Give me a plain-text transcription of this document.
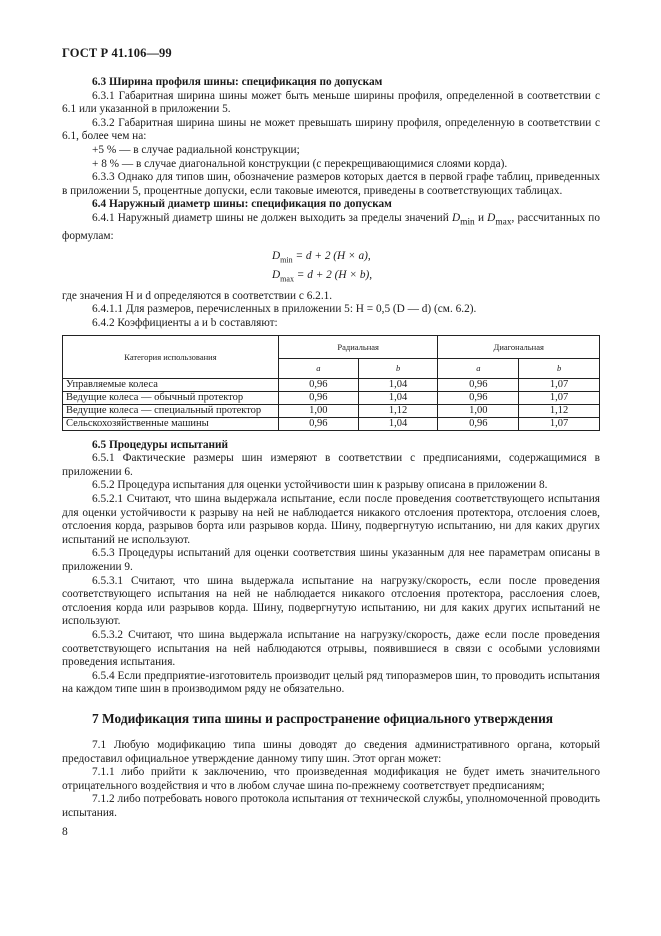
ГОСТ Р 41.106—99

6.3 Ширина профиля шины: спецификация по допускам

6.3.1 Габаритная ширина шины может быть меньше ширины профиля, определенной в соответствии с 6.1 или указанной в приложении 5.

6.3.2 Габаритная ширина шины не может превышать ширину профиля, определенную в соответствии с 6.1, более чем на:

+5 % — в случае радиальной конструкции;

+ 8 % — в случае диагональной конструкции (с перекрещивающимися слоями корда).

6.3.3 Однако для типов шин, обозначение размеров которых дается в первой графе таблиц, приведенных в приложении 5, процентные допуски, если таковые имеются, приведены в соответствующих таблицах.

6.4 Наружный диаметр шины: спецификация по допускам

6.4.1 Наружный диаметр шины не должен выходить за пределы значений $D_{min}$ и $D_{max}$, рассчитанных по формулам:

$D_{min} = d + 2$ (H × a),
$D_{max} = d + 2$ (H × b),

где значения H и d определяются в соответствии с 6.2.1.

6.4.1.1 Для размеров, перечисленных в приложении 5: H = 0,5 (D — d) (см. 6.2).

6.4.2 Коэффициенты a и b составляют:

Категория использования	Радиальная		Диагональная	
	a	b	a	b
Управляемые колеса	0,96	1,04	0,96	1,07
Ведущие колеса — обычный протектор	0,96	1,04	0,96	1,07
Ведущие колеса — специальный протектор	1,00	1,12	1,00	1,12
Сельскохозяйственные машины	0,96	1,04	0,96	1,07

6.5 Процедуры испытаний

6.5.1 Фактические размеры шин измеряют в соответствии с предписаниями, содержащимися в приложении 6.

6.5.2 Процедура испытания для оценки устойчивости шин к разрыву описана в приложении 8.

6.5.2.1 Считают, что шина выдержала испытание, если после проведения соответствующего испытания для оценки устойчивости к разрыву на ней не наблюдается никакого отслоения протектора, отслоения слоев, отслоения корда, разрывов борта или разрывов корда. Шину, подвергнутую испытанию, ни для каких других испытаний не используют.

6.5.3 Процедуры испытаний для оценки соответствия шины указанным для нее параметрам описаны в приложении 9.

6.5.3.1 Считают, что шина выдержала испытание на нагрузку/скорость, если после проведения соответствующего испытания на ней не наблюдается никакого отслоения протектора, расслоения слоев, отслоения корда или разрывов корда. Шину, подвергнутую испытанию, ни для каких других испытаний не используют.

6.5.3.2 Считают, что шина выдержала испытание на нагрузку/скорость, даже если после проведения соответствующего испытания на ней наблюдаются отрывы, появившиеся в связи с особыми условиями проведения испытания.

6.5.4 Если предприятие-изготовитель производит целый ряд типоразмеров шин, то проводить испытания на каждом типе шин в производимом ряду не обязательно.

7 Модификация типа шины и распространение официального утверждения

7.1 Любую модификацию типа шины доводят до сведения административного органа, который предоставил официальное утверждение данному типу шин. Этот орган может:

7.1.1 либо прийти к заключению, что произведенная модификация не будет иметь значительного отрицательного воздействия и что в любом случае шина по-прежнему соответствует предписаниям;

7.1.2 либо потребовать нового протокола испытания от технической службы, уполномоченной проводить испытания.

8
